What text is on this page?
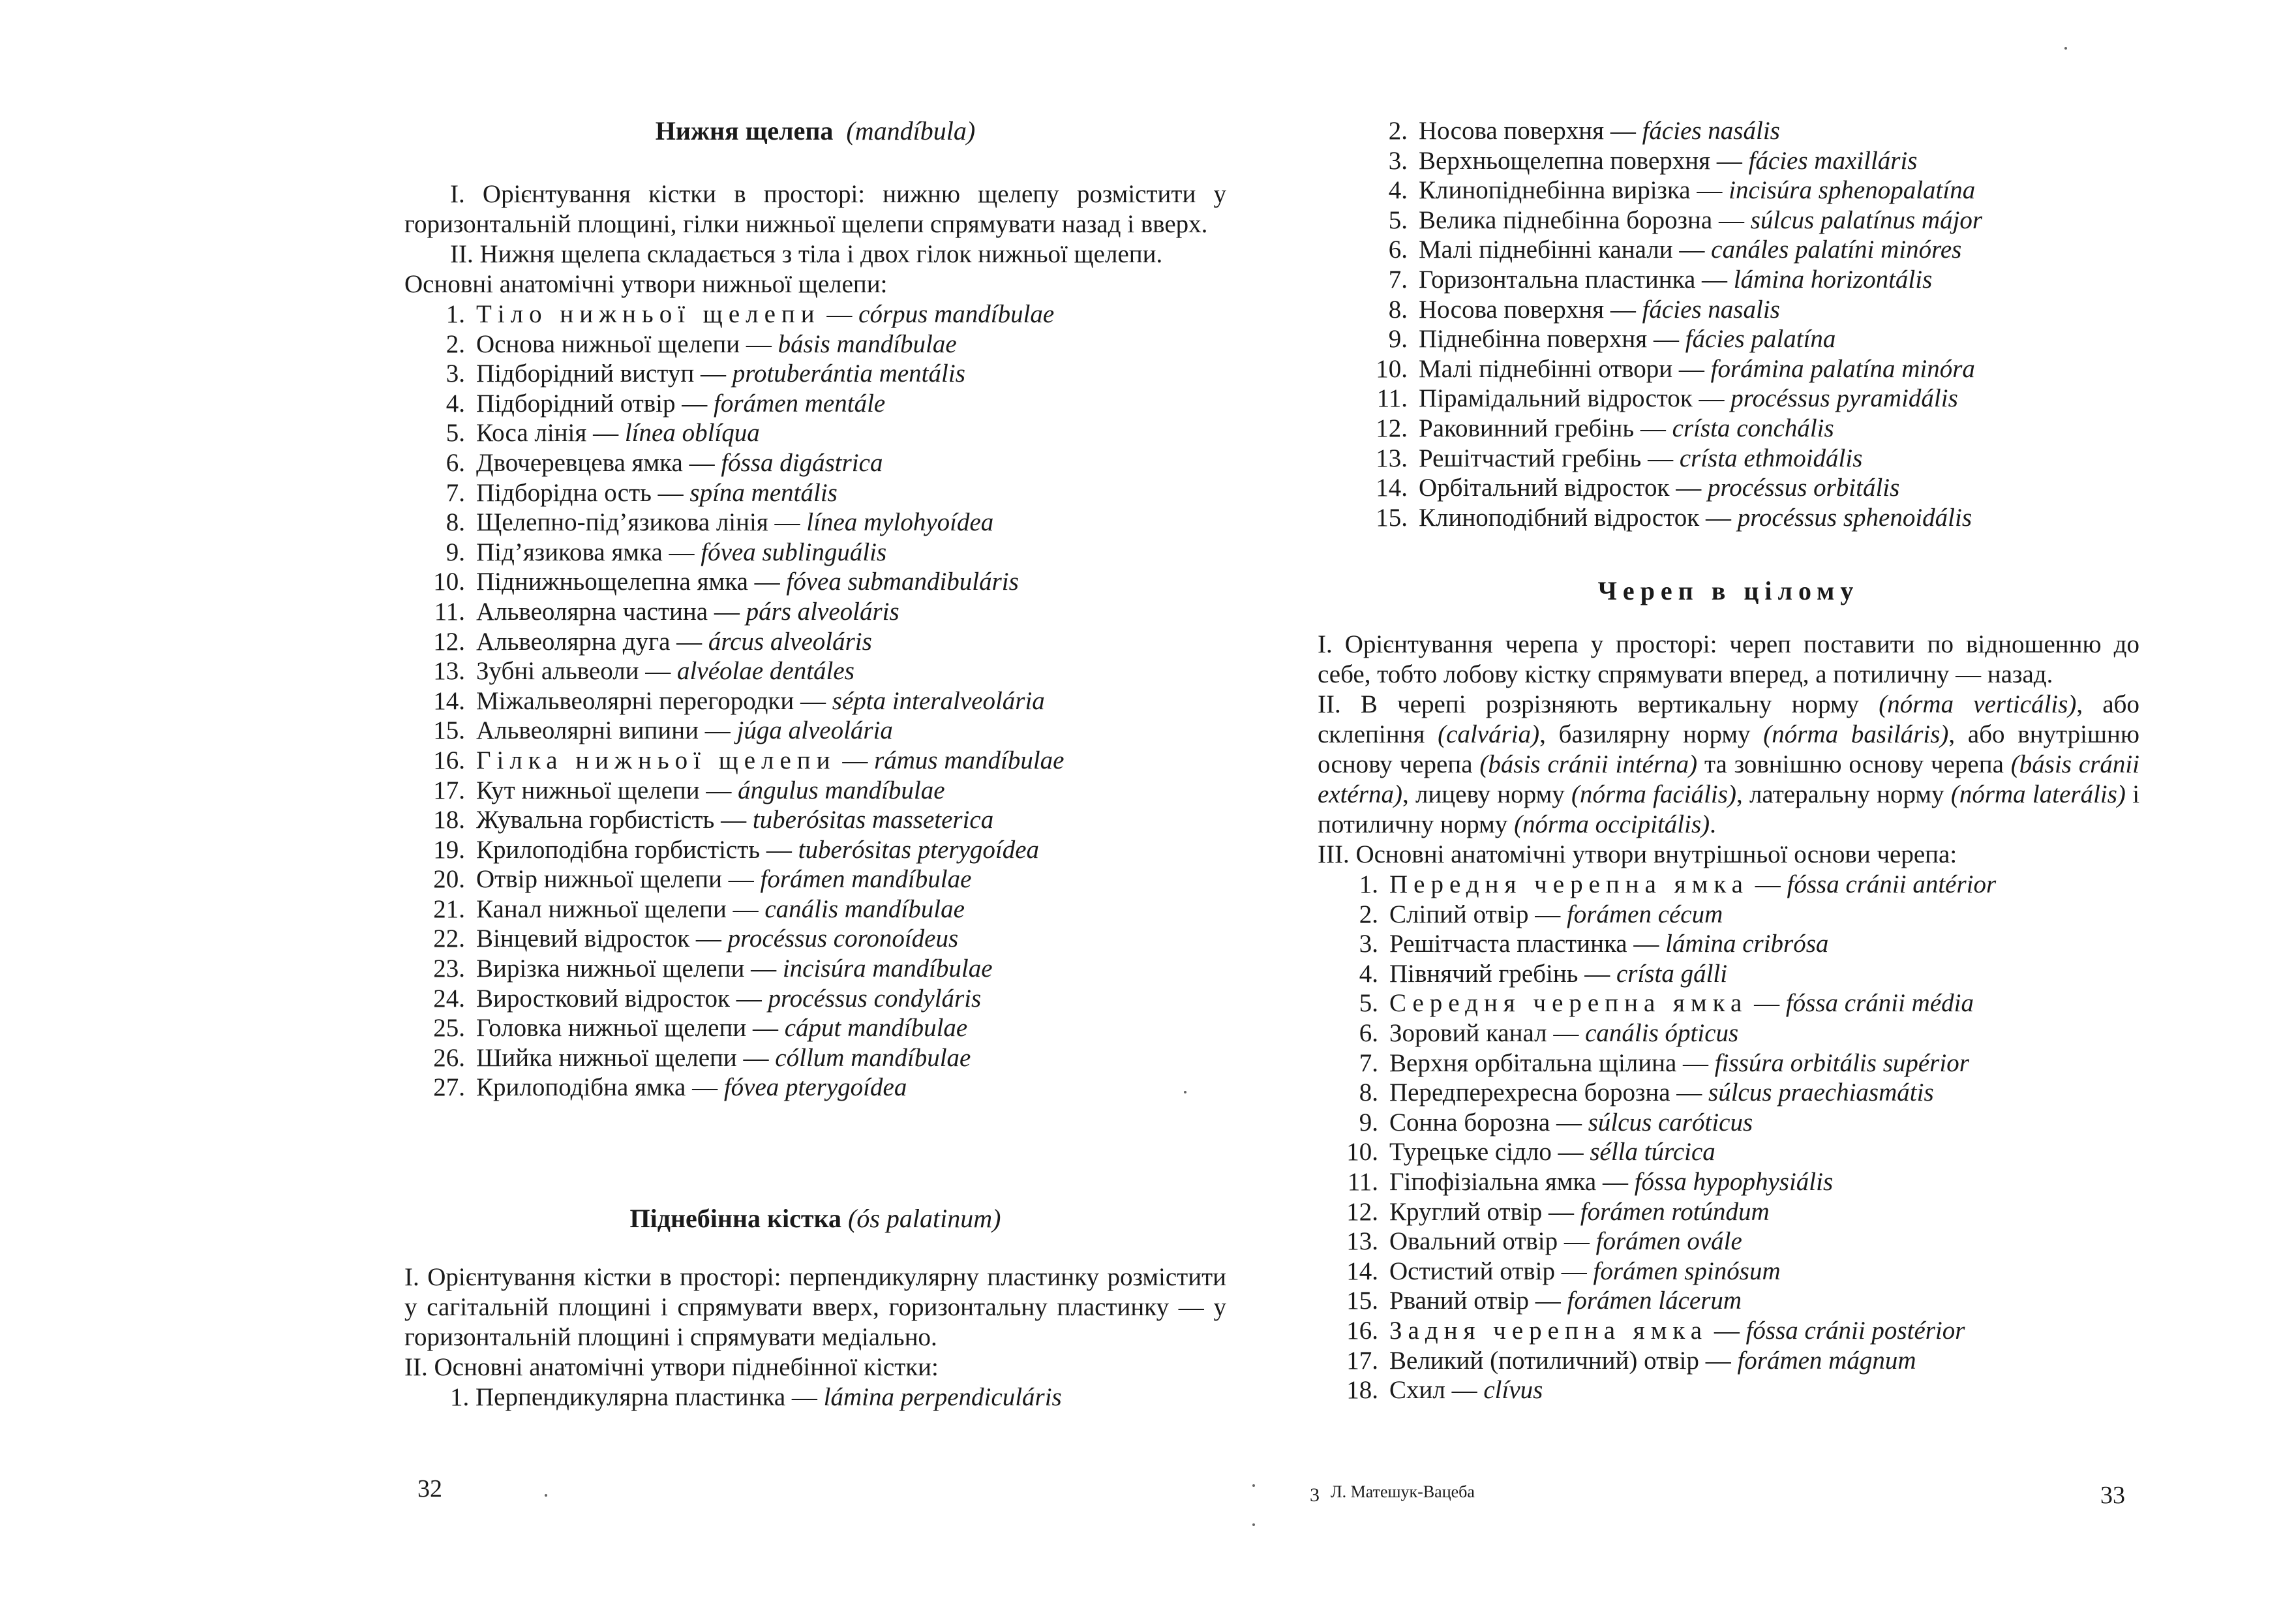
Нижня щелепа (mandíbula)

I. Орієнтування кістки в просторі: нижню щелепу розмістити у горизонтальній площині, гілки нижньої щелепи спрямувати назад і вверх.

II. Нижня щелепа складається з тіла і двох гілок нижньої щелепи.

Основні анатомічні утвори нижньої щелепи:

1. Тіло нижньої щелепи — córpus mandíbulae
2. Основа нижньої щелепи — básis mandíbulae
3. Підборідний виступ — protuberántia mentális
4. Підборідний отвір — forámen mentále
5. Коса лінія — línea oblíqua
6. Двочеревцева ямка — fóssa digástrica
7. Підборідна ость — spína mentális
8. Щелепно-під’язикова лінія — línea mylohyoídea
9. Під’язикова ямка — fóvea sublinguális
10. Піднижньощелепна ямка — fóvea submandibuláris
11. Альвеолярна частина — párs alveoláris
12. Альвеолярна дуга — árcus alveoláris
13. Зубні альвеоли — alvéolae dentáles
14. Міжальвеолярні перегородки — sépta interalveolária
15. Альвеолярні випини — júga alveolária
16. Гілка нижньої щелепи — rámus mandíbulae
17. Кут нижньої щелепи — ángulus mandíbulae
18. Жувальна горбистість — tuberósitas masseterica
19. Крилоподібна горбистість — tuberósitas pterygoídea
20. Отвір нижньої щелепи — forámen mandíbulae
21. Канал нижньої щелепи — canális mandíbulae
22. Вінцевий відросток — procéssus coronoídeus
23. Вирізка нижньої щелепи — incisúra mandíbulae
24. Виростковий відросток — procéssus condyláris
25. Головка нижньої щелепи — cáput mandíbulae
26. Шийка нижньої щелепи — cóllum mandíbulae
27. Крилоподібна ямка — fóvea pterygoídea
Піднебінна кістка (ós palatinum)

I. Орієнтування кістки в просторі: перпендикулярну пластинку розмістити у сагітальній площині і спрямувати вверх, горизонтальну пластинку — у горизонтальній площині і спрямувати медіально.

II. Основні анатомічні утвори піднебінної кістки:

1. Перпендикулярна пластинка — lámina perpendiculáris

32
2. Носова поверхня — fácies nasális
3. Верхньощелепна поверхня — fácies maxilláris
4. Клинопіднебінна вирізка — incisúra sphenopalatína
5. Велика піднебінна борозна — súlcus palatínus májor
6. Малі піднебінні канали — canáles palatíni minóres
7. Горизонтальна пластинка — lámina horizontális
8. Носова поверхня — fácies nasalis
9. Піднебінна поверхня — fácies palatína
10. Малі піднебінні отвори — forámina palatína minóra
11. Пірамідальний відросток — procéssus pyramidális
12. Раковинний гребінь — crísta conchális
13. Решітчастий гребінь — crísta ethmoidális
14. Орбітальний відросток — procéssus orbitális
15. Клиноподібний відросток — procéssus sphenoidális
Череп в цілому

I. Орієнтування черепа у просторі: череп поставити по відношенню до себе, тобто лобову кістку спрямувати вперед, а потиличну — назад.

II. В черепі розрізняють вертикальну норму (nórma verticális), або склепіння (calvária), базилярну норму (nórma basiláris), або внутрішню основу черепа (básis cránii intérna) та зовнішню основу черепа (básis cránii extérna), лицеву норму (nórma faciális), латеральну норму (nórma laterális) і потиличну норму (nórma occipitális).

III. Основні анатомічні утвори внутрішньої основи черепа:

1. Передня черепна ямка — fóssa cránii antérior
2. Сліпий отвір — forámen cécum
3. Решітчаста пластинка — lámina cribrósa
4. Півнячий гребінь — crísta gálli
5. Середня черепна ямка — fóssa cránii média
6. Зоровий канал — canális ópticus
7. Верхня орбітальна щілина — fissúra orbitális supérior
8. Передперехресна борозна — súlcus praechiasmátis
9. Сонна борозна — súlcus caróticus
10. Турецьке сідло — sélla túrcica
11. Гіпофізіальна ямка — fóssa hypophysiális
12. Круглий отвір — forámen rotúndum
13. Овальний отвір — forámen ovále
14. Остистий отвір — forámen spinósum
15. Рваний отвір — forámen lácerum
16. Задня черепна ямка — fóssa cránii postérior
17. Великий (потиличний) отвір — forámen mágnum
18. Схил — clívus
3 Л. Матешук-Вацеба	33
